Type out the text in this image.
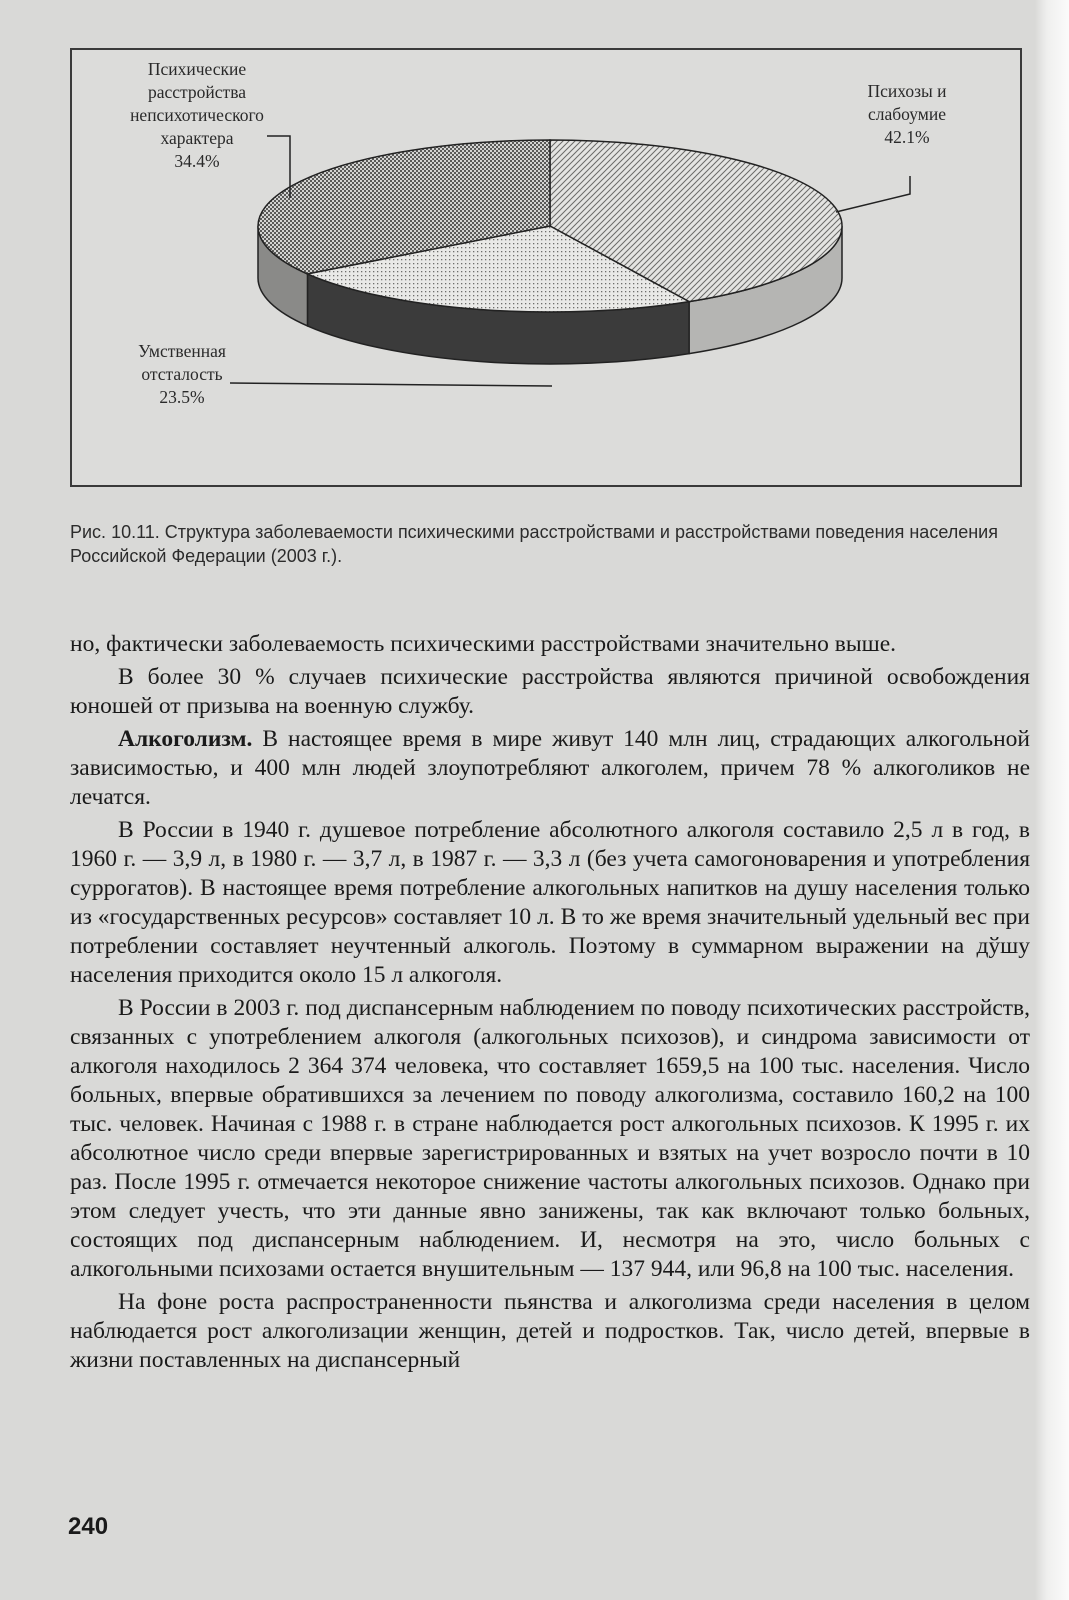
Психические
расстройства
непсихотического
характера
34.4%

Психозы и
слабоумие
42.1%

Умственная
отсталость
23.5%

Рис. 10.11. Структура заболеваемости психическими расстройствами и расстройствами поведения населения Российской Федерации (2003 г.).

но, фактически заболеваемость психическими расстройствами значительно выше.

В более 30 % случаев психические расстройства являются причиной освобождения юношей от призыва на военную службу.

Алкоголизм. В настоящее время в мире живут 140 млн лиц, страдающих алкогольной зависимостью, и 400 млн людей злоупотребляют алкоголем, причем 78 % алкоголиков не лечатся.

В России в 1940 г. душевое потребление абсолютного алкоголя составило 2,5 л в год, в 1960 г. — 3,9 л, в 1980 г. — 3,7 л, в 1987 г. — 3,3 л (без учета самогоноварения и употребления суррогатов). В настоящее время потребление алкогольных напитков на душу населения только из «государственных ресурсов» составляет 10 л. В то же время значительный удельный вес при потреблении составляет неучтенный алкоголь. Поэтому в суммарном выражении на дўшу населения приходится около 15 л алкоголя.

В России в 2003 г. под диспансерным наблюдением по поводу психотических расстройств, связанных с употреблением алкоголя (алкогольных психозов), и синдрома зависимости от алкоголя находилось 2 364 374 человека, что составляет 1659,5 на 100 тыс. населения. Число больных, впервые обратившихся за лечением по поводу алкоголизма, составило 160,2 на 100 тыс. человек. Начиная с 1988 г. в стране наблюдается рост алкогольных психозов. К 1995 г. их абсолютное число среди впервые зарегистрированных и взятых на учет возросло почти в 10 раз. После 1995 г. отмечается некоторое снижение частоты алкогольных психозов. Однако при этом следует учесть, что эти данные явно занижены, так как включают только больных, состоящих под диспансерным наблюдением. И, несмотря на это, число больных с алкогольными психозами остается внушительным — 137 944, или 96,8 на 100 тыс. населения.

На фоне роста распространенности пьянства и алкоголизма среди населения в целом наблюдается рост алкоголизации женщин, детей и подростков. Так, число детей, впервые в жизни поставленных на диспансерный

240
